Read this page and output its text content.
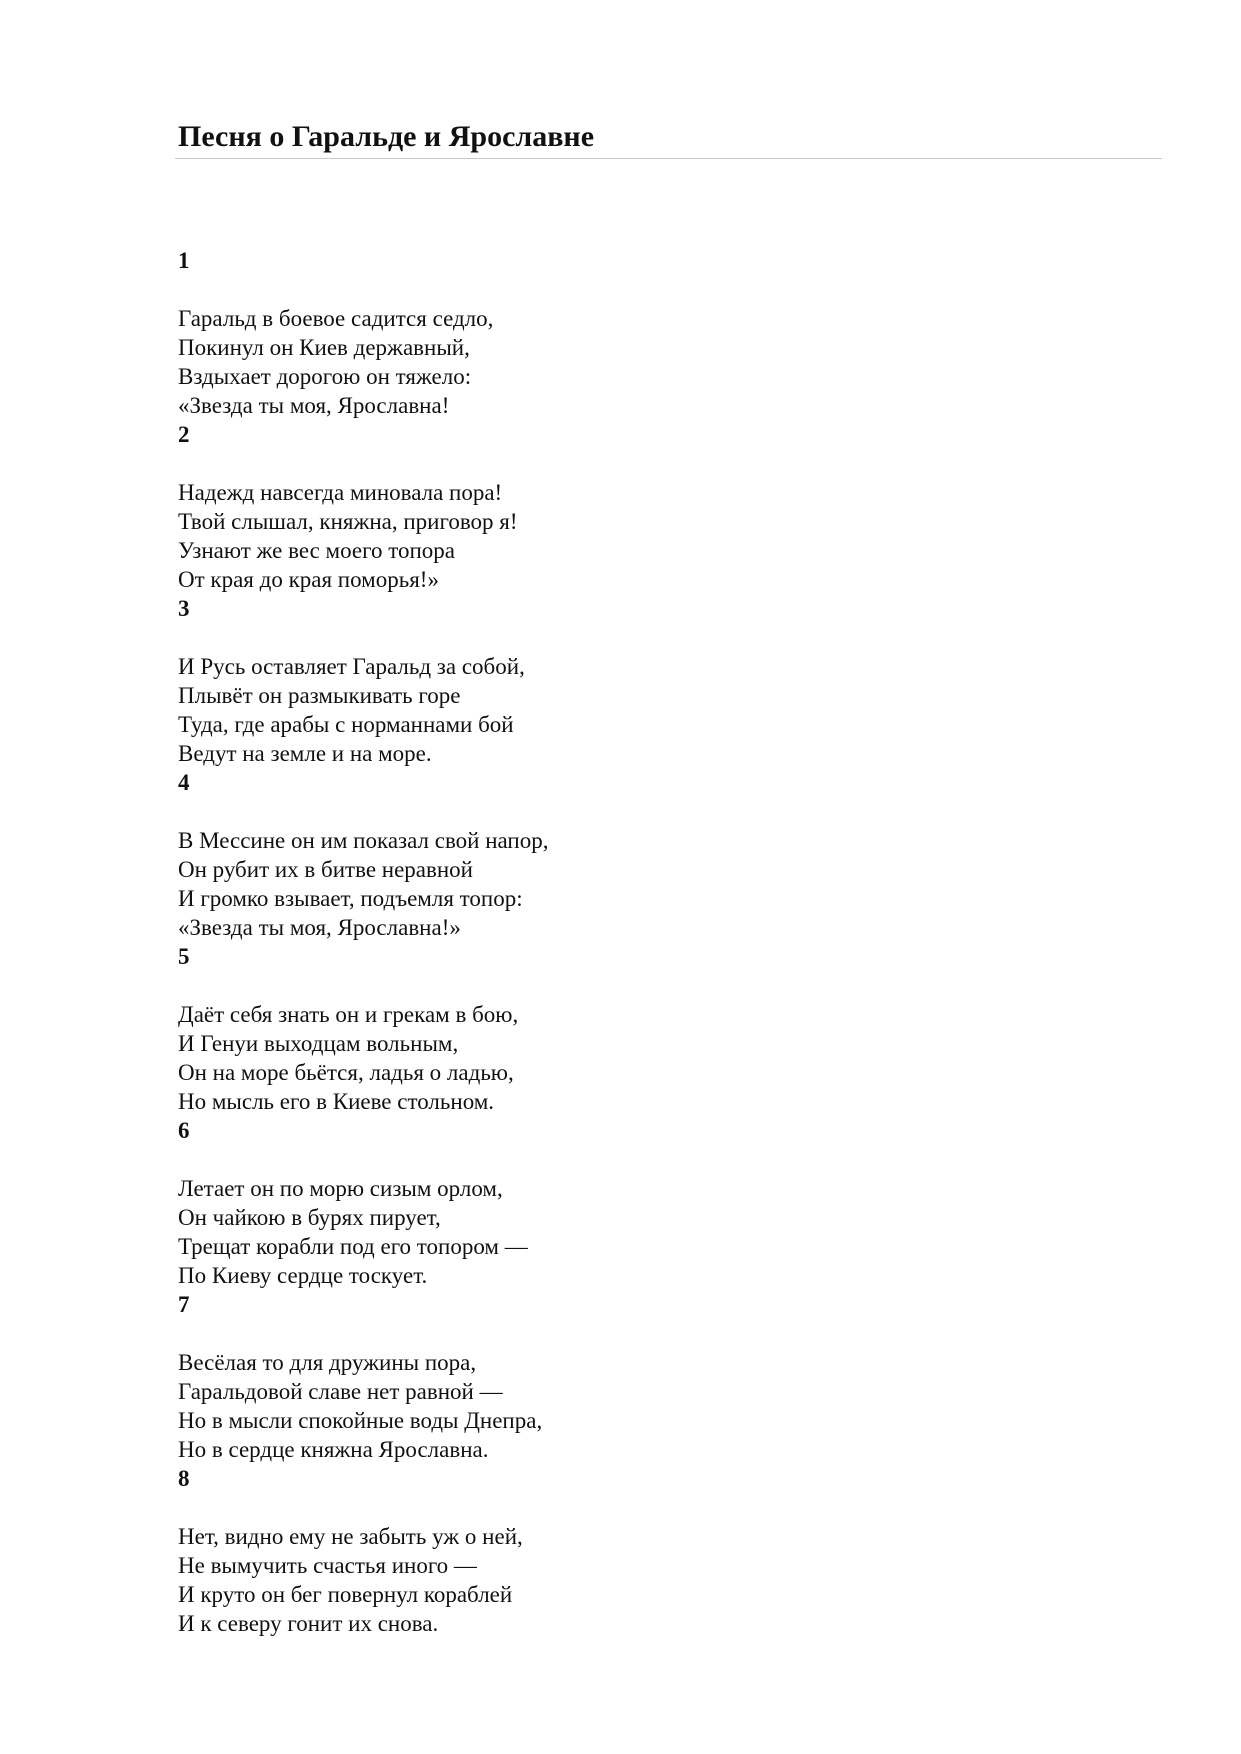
Песня о Гаральде и Ярославне
1
Гаральд в боевое садится седло,
Покинул он Киев державный,
Вздыхает дорогою он тяжело:
«Звезда ты моя, Ярославна!
2
Надежд навсегда миновала пора!
Твой слышал, княжна, приговор я!
Узнают же вес моего топора
От края до края поморья!»
3
И Русь оставляет Гаральд за собой,
Плывёт он размыкивать горе
Туда, где арабы с норманнами бой
Ведут на земле и на море.
4
В Мессине он им показал свой напор,
Он рубит их в битве неравной
И громко взывает, подъемля топор:
«Звезда ты моя, Ярославна!»
5
Даёт себя знать он и грекам в бою,
И Генуи выходцам вольным,
Он на море бьётся, ладья о ладью,
Но мысль его в Киеве стольном.
6
Летает он по морю сизым орлом,
Он чайкою в бурях пирует,
Трещат корабли под его топором —
По Киеву сердце тоскует.
7
Весёлая то для дружины пора,
Гаральдовой славе нет равной —
Но в мысли спокойные воды Днепра,
Но в сердце княжна Ярославна.
8
Нет, видно ему не забыть уж о ней,
Не вымучить счастья иного —
И круто он бег повернул кораблей
И к северу гонит их снова.
